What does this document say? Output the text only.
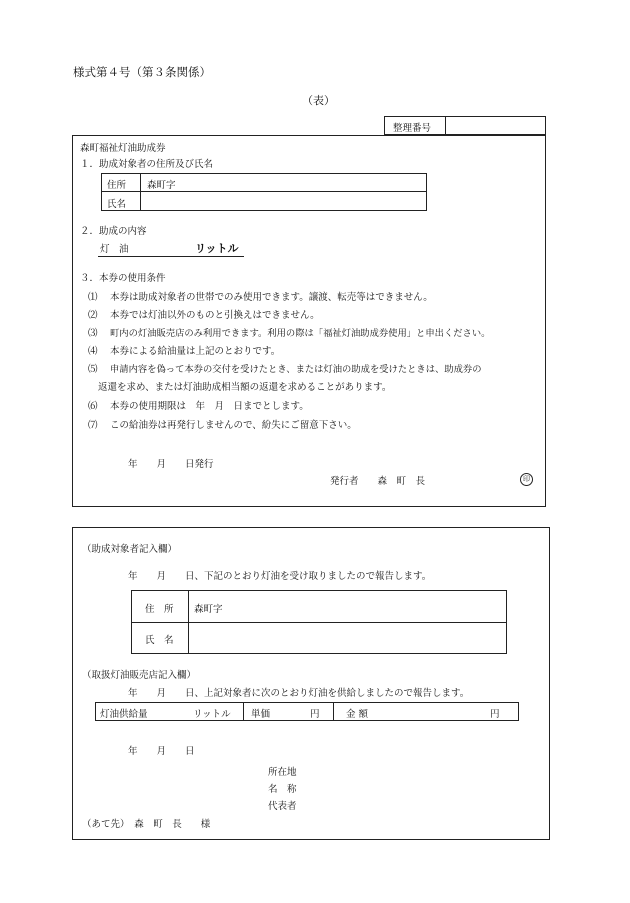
様式第４号（第３条関係）
（表）
整理番号
森町福祉灯油助成券
１．助成対象者の住所及び氏名
住所 森町字
氏名
２．助成の内容
灯　油	リットル
３．本券の使用条件
⑴ 本券は助成対象者の世帯でのみ使用できます。譲渡、転売等はできません。
⑵ 本券では灯油以外のものと引換えはできません。
⑶ 町内の灯油販売店のみ利用できます。利用の際は「福祉灯油助成券使用」と申出ください。
⑷ 本券による給油量は上記のとおりです。
⑸ 申請内容を偽って本券の交付を受けたとき、または灯油の助成を受けたときは、助成券の
返還を求め、または灯油助成相当額の返還を求めることがあります。
⑹ 本券の使用期限は　年　月　日までとします。
⑺ この給油券は再発行しませんので、紛失にご留意下さい。
年　　月　　日発行
発行者　　森　町　長	印
（助成対象者記入欄）
年　　月　　日、下記のとおり灯油を受け取りましたので報告します。
住　所 森町字
氏　名
（取扱灯油販売店記入欄）
年　　月　　日、上記対象者に次のとおり灯油を供給しましたので報告します。
灯油供給量	リットル 単価	円	金 額	円
年　　月　　日
所在地
名　称
代表者
（あて先）　森　町　長　　様
